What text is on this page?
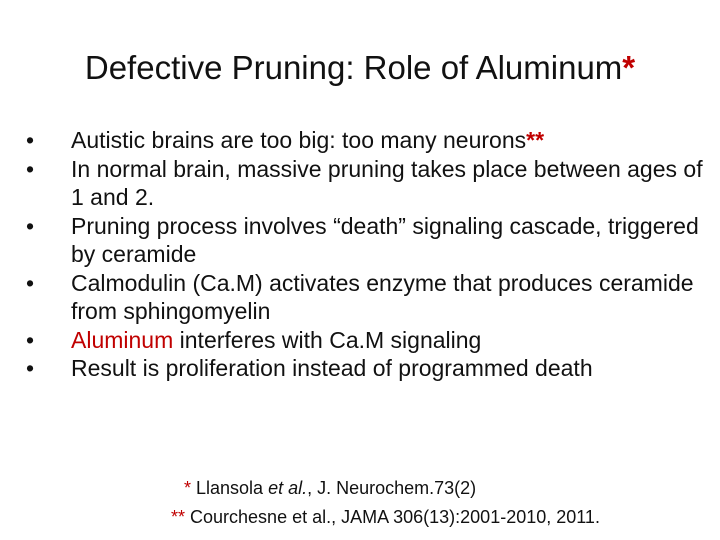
Defective Pruning: Role of Aluminum*
•	Autistic brains are too big: too many neurons**
•	In normal brain, massive pruning takes place between ages of 1 and 2.
•	Pruning process involves “death” signaling cascade, triggered by ceramide
•	Calmodulin (Ca.M) activates enzyme that produces ceramide from sphingomyelin
•	Aluminum interferes with Ca.M signaling
•	Result is proliferation instead of programmed death
* Llansola et al., J. Neurochem.73(2)
** Courchesne et al., JAMA 306(13):2001-2010, 2011.
